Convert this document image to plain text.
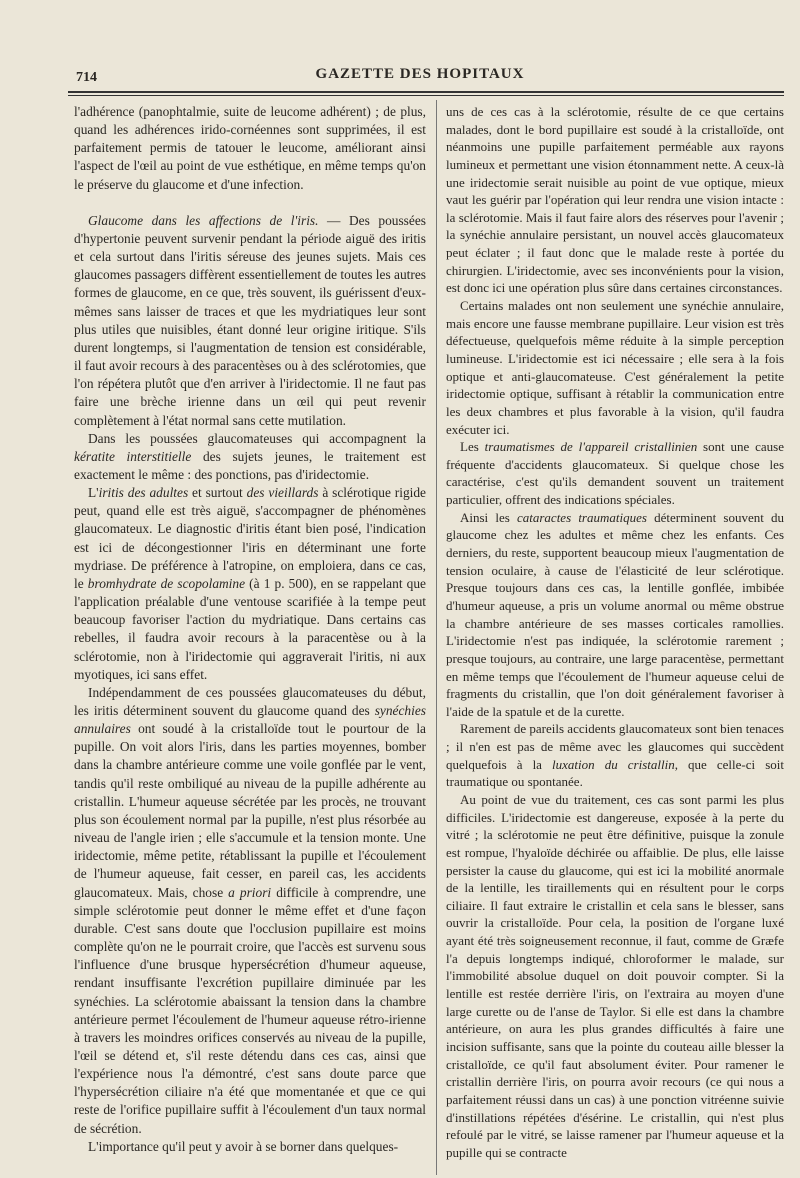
714	GAZETTE DES HOPITAUX

l'adhérence (panophtalmie, suite de leucome adhérent) ; de plus, quand les adhérences irido-cornéennes sont supprimées, il est parfaitement permis de tatouer le leucome, améliorant ainsi l'aspect de l'œil au point de vue esthétique, en même temps qu'on le préserve du glaucome et d'une infection.

Glaucome dans les affections de l'iris. — Des poussées d'hypertonie peuvent survenir pendant la période aiguë des iritis et cela surtout dans l'iritis séreuse des jeunes sujets. Mais ces glaucomes passagers diffèrent essentiellement de toutes les autres formes de glaucome, en ce que, très souvent, ils guérissent d'eux-mêmes sans laisser de traces et que les mydriatiques leur sont plus utiles que nuisibles, étant donné leur origine iritique. S'ils durent longtemps, si l'augmentation de tension est considérable, il faut avoir recours à des paracentèses ou à des sclérotomies, que l'on répétera plutôt que d'en arriver à l'iridectomie. Il ne faut pas faire une brèche irienne dans un œil qui peut revenir complètement à l'état normal sans cette mutilation.

Dans les poussées glaucomateuses qui accompagnent la kératite interstitielle des sujets jeunes, le traitement est exactement le même : des ponctions, pas d'iridectomie.

L'iritis des adultes et surtout des vieillards à sclérotique rigide peut, quand elle est très aiguë, s'accompagner de phénomènes glaucomateux. Le diagnostic d'iritis étant bien posé, l'indication est ici de décongestionner l'iris en déterminant une forte mydriase. De préférence à l'atropine, on emploiera, dans ce cas, le bromhydrate de scopolamine (à 1 p. 500), en se rappelant que l'application préalable d'une ventouse scarifiée à la tempe peut beaucoup favoriser l'action du mydriatique. Dans certains cas rebelles, il faudra avoir recours à la paracentèse ou à la sclérotomie, non à l'iridectomie qui aggraverait l'iritis, ni aux myotiques, ici sans effet.

Indépendamment de ces poussées glaucomateuses du début, les iritis déterminent souvent du glaucome quand des synéchies annulaires ont soudé à la cristalloïde tout le pourtour de la pupille. On voit alors l'iris, dans les parties moyennes, bomber dans la chambre antérieure comme une voile gonflée par le vent, tandis qu'il reste ombiliqué au niveau de la pupille adhérente au cristallin. L'humeur aqueuse sécrétée par les procès, ne trouvant plus son écoulement normal par la pupille, n'est plus résorbée au niveau de l'angle irien ; elle s'accumule et la tension monte. Une iridectomie, même petite, rétablissant la pupille et l'écoulement de l'humeur aqueuse, fait cesser, en pareil cas, les accidents glaucomateux. Mais, chose a priori difficile à comprendre, une simple sclérotomie peut donner le même effet et d'une façon durable. C'est sans doute que l'occlusion pupillaire est moins complète qu'on ne le pourrait croire, que l'accès est survenu sous l'influence d'une brusque hypersécrétion d'humeur aqueuse, rendant insuffisante l'excrétion pupillaire diminuée par les synéchies. La sclérotomie abaissant la tension dans la chambre antérieure permet l'écoulement de l'humeur aqueuse rétro-irienne à travers les moindres orifices conservés au niveau de la pupille, l'œil se détend et, s'il reste détendu dans ces cas, ainsi que l'expérience nous l'a démontré, c'est sans doute parce que l'hypersécrétion ciliaire n'a été que momentanée et que ce qui reste de l'orifice pupillaire suffit à l'écoulement d'un taux normal de sécrétion.

L'importance qu'il peut y avoir à se borner dans quelques-

uns de ces cas à la sclérotomie, résulte de ce que certains malades, dont le bord pupillaire est soudé à la cristalloïde, ont néanmoins une pupille parfaitement perméable aux rayons lumineux et permettant une vision étonnamment nette. A ceux-là une iridectomie serait nuisible au point de vue optique, mieux vaut les guérir par l'opération qui leur rendra une vision intacte : la sclérotomie. Mais il faut faire alors des réserves pour l'avenir ; la synéchie annulaire persistant, un nouvel accès glaucomateux peut éclater ; il faut donc que le malade reste à portée du chirurgien. L'iridectomie, avec ses inconvénients pour la vision, est donc ici une opération plus sûre dans certaines circonstances.

Certains malades ont non seulement une synéchie annulaire, mais encore une fausse membrane pupillaire. Leur vision est très défectueuse, quelquefois même réduite à la simple perception lumineuse. L'iridectomie est ici nécessaire ; elle sera à la fois optique et anti-glaucomateuse. C'est généralement la petite iridectomie optique, suffisant à rétablir la communication entre les deux chambres et plus favorable à la vision, qu'il faudra exécuter ici.

Les traumatismes de l'appareil cristallinien sont une cause fréquente d'accidents glaucomateux. Si quelque chose les caractérise, c'est qu'ils demandent souvent un traitement particulier, offrent des indications spéciales.

Ainsi les cataractes traumatiques déterminent souvent du glaucome chez les adultes et même chez les enfants. Ces derniers, du reste, supportent beaucoup mieux l'augmentation de tension oculaire, à cause de l'élasticité de leur sclérotique. Presque toujours dans ces cas, la lentille gonflée, imbibée d'humeur aqueuse, a pris un volume anormal ou même obstrue la chambre antérieure de ses masses corticales ramollies. L'iridectomie n'est pas indiquée, la sclérotomie rarement ; presque toujours, au contraire, une large paracentèse, permettant en même temps que l'écoulement de l'humeur aqueuse celui de fragments du cristallin, que l'on doit généralement favoriser à l'aide de la spatule et de la curette.

Rarement de pareils accidents glaucomateux sont bien tenaces ; il n'en est pas de même avec les glaucomes qui succèdent quelquefois à la luxation du cristallin, que celle-ci soit traumatique ou spontanée.

Au point de vue du traitement, ces cas sont parmi les plus difficiles. L'iridectomie est dangereuse, exposée à la perte du vitré ; la sclérotomie ne peut être définitive, puisque la zonule est rompue, l'hyaloïde déchirée ou affaiblie. De plus, elle laisse persister la cause du glaucome, qui est ici la mobilité anormale de la lentille, les tiraillements qui en résultent pour le corps ciliaire. Il faut extraire le cristallin et cela sans le blesser, sans ouvrir la cristalloïde. Pour cela, la position de l'organe luxé ayant été très soigneusement reconnue, il faut, comme de Græfe l'a depuis longtemps indiqué, chloroformer le malade, sur l'immobilité absolue duquel on doit pouvoir compter. Si la lentille est restée derrière l'iris, on l'extraira au moyen d'une large curette ou de l'anse de Taylor. Si elle est dans la chambre antérieure, on aura les plus grandes difficultés à faire une incision suffisante, sans que la pointe du couteau aille blesser la cristalloïde, ce qu'il faut absolument éviter. Pour ramener le cristallin derrière l'iris, on pourra avoir recours (ce qui nous a parfaitement réussi dans un cas) à une ponction vitréenne suivie d'instillations répétées d'ésérine. Le cristallin, qui n'est plus refoulé par le vitré, se laisse ramener par l'humeur aqueuse et la pupille qui se contracte
